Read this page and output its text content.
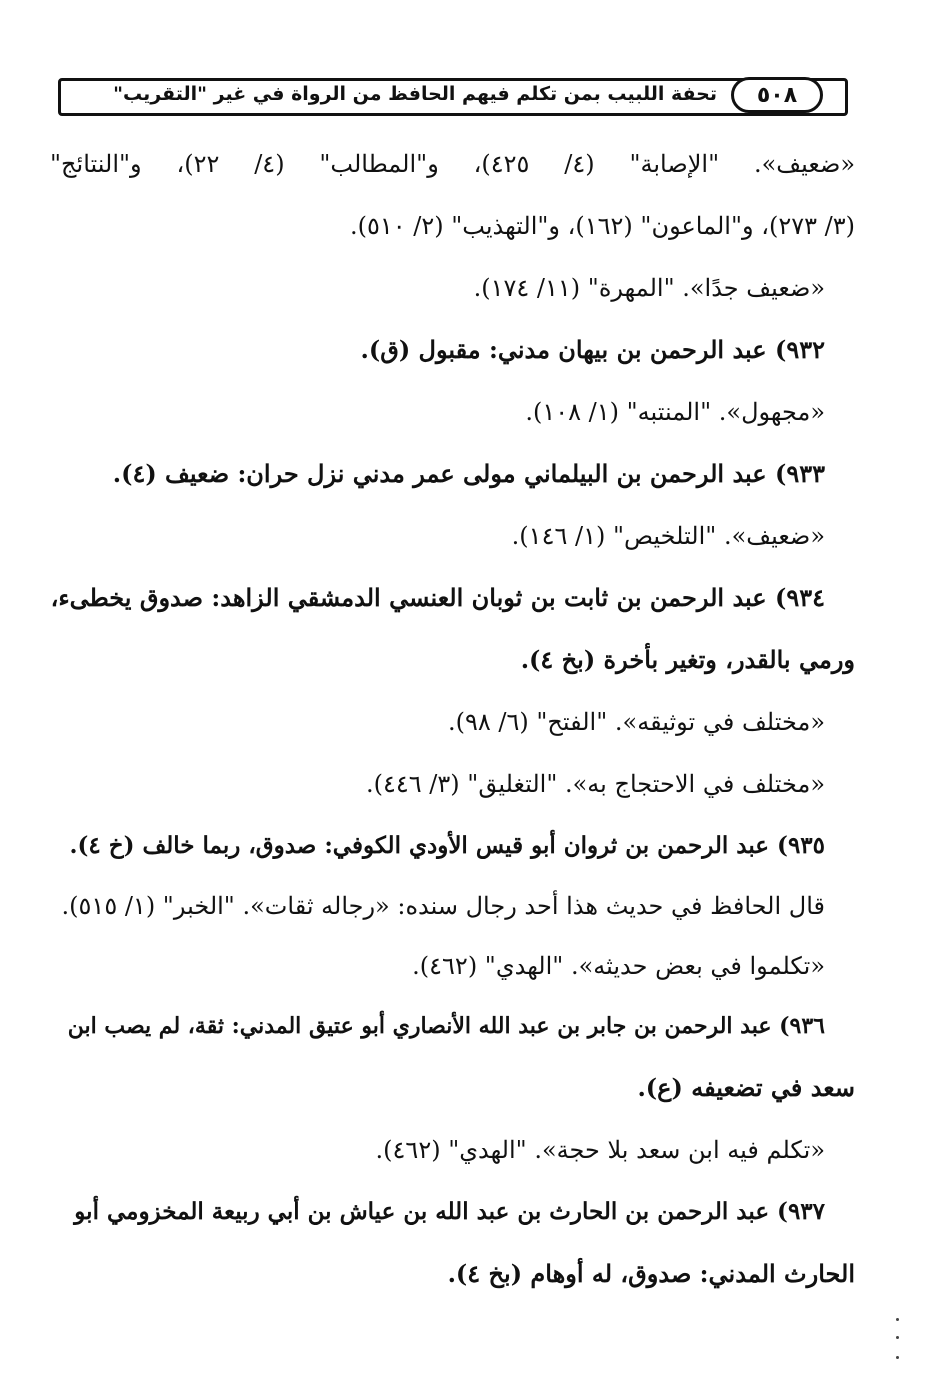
٥٠٨
تحفة اللبيب بمن تكلم فيهم الحافظ من الرواة في غير "التقريب"
«ضعيف». "الإصابة" (٤/ ٤٢٥)، و"المطالب" (٤/ ٢٢)، و"النتائج"
(٣/ ٢٧٣)، و"الماعون" (١٦٢)، و"التهذيب" (٢/ ٥١٠).
«ضعيف جدًا». "المهرة" (١١/ ١٧٤).
٩٣٢) عبد الرحمن بن بيهان مدني: مقبول (ق).
«مجهول». "المنتبه" (١/ ١٠٨).
٩٣٣) عبد الرحمن بن البيلماني مولى عمر مدني نزل حران: ضعيف (٤).
«ضعيف». "التلخيص" (١/ ١٤٦).
٩٣٤) عبد الرحمن بن ثابت بن ثوبان العنسي الدمشقي الزاهد: صدوق يخطىء،
ورمي بالقدر، وتغير بأخرة (بخ ٤).
«مختلف في توثيقه». "الفتح" (٦/ ٩٨).
«مختلف في الاحتجاج به». "التغليق" (٣/ ٤٤٦).
٩٣٥) عبد الرحمن بن ثروان أبو قيس الأودي الكوفي: صدوق، ربما خالف (خ ٤).
قال الحافظ في حديث هذا أحد رجال سنده: «رجاله ثقات». "الخبر" (١/ ٥١٥).
«تكلموا في بعض حديثه». "الهدي" (٤٦٢).
٩٣٦) عبد الرحمن بن جابر بن عبد الله الأنصاري أبو عتيق المدني: ثقة، لم يصب ابن
سعد في تضعيفه (ع).
«تكلم فيه ابن سعد بلا حجة». "الهدي" (٤٦٢).
٩٣٧) عبد الرحمن بن الحارث بن عبد الله بن عياش بن أبي ربيعة المخزومي أبو
الحارث المدني: صدوق، له أوهام (بخ ٤).
